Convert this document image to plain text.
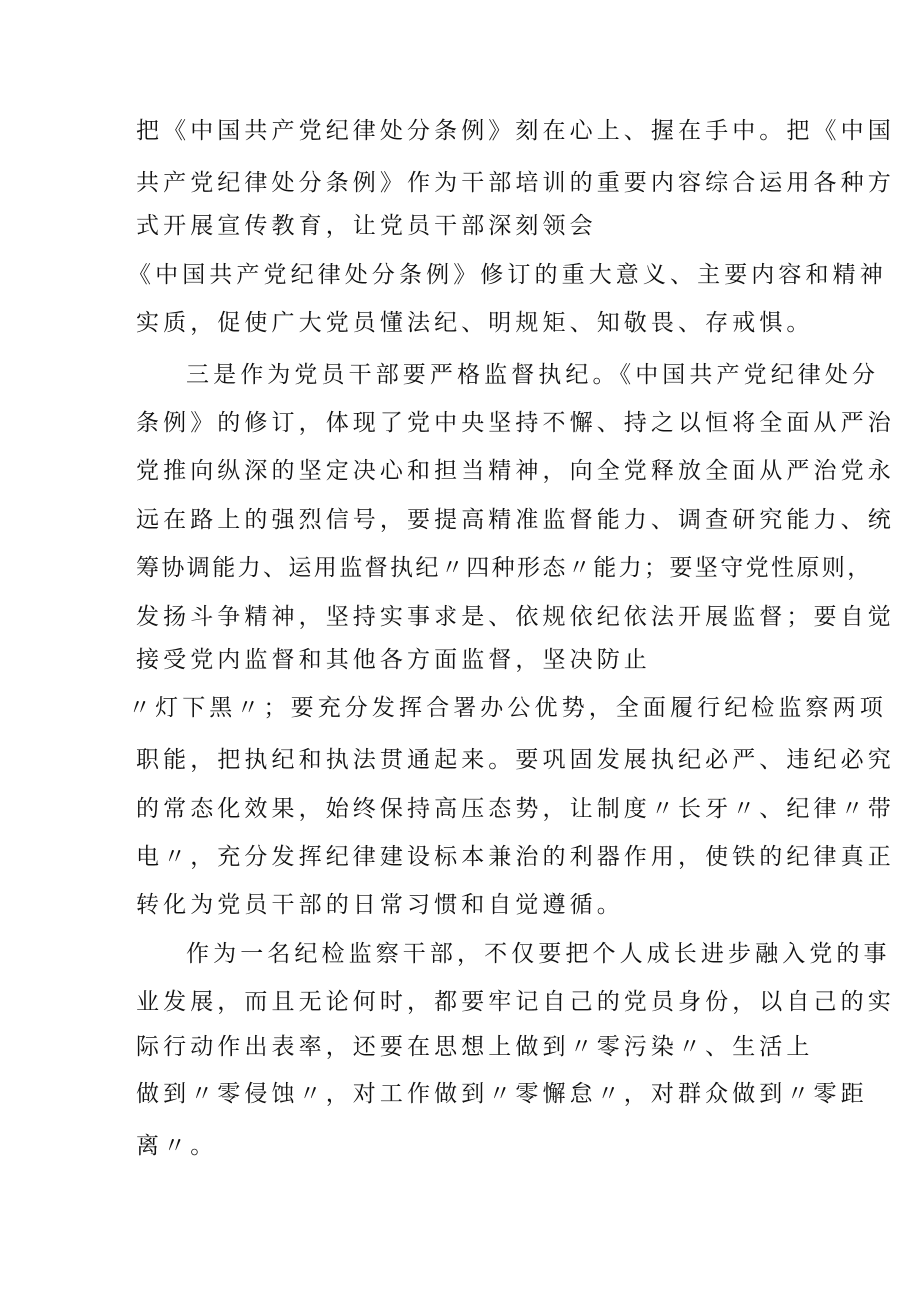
把《中国共产党纪律处分条例》刻在心上、握在手中。把《中国
共产党纪律处分条例》作为干部培训的重要内容综合运用各种方
式开展宣传教育，让党员干部深刻领会
《中国共产党纪律处分条例》修订的重大意义、主要内容和精神
实质，促使广大党员懂法纪、明规矩、知敬畏、存戒惧。
三是作为党员干部要严格监督执纪。《中国共产党纪律处分
条例》的修订，体现了党中央坚持不懈、持之以恒将全面从严治
党推向纵深的坚定决心和担当精神，向全党释放全面从严治党永
远在路上的强烈信号，要提高精准监督能力、调查研究能力、统
筹协调能力、运用监督执纪〃四种形态〃能力；要坚守党性原则，
发扬斗争精神，坚持实事求是、依规依纪依法开展监督；要自觉
接受党内监督和其他各方面监督，坚决防止
〃灯下黑〃；要充分发挥合署办公优势，全面履行纪检监察两项
职能，把执纪和执法贯通起来。要巩固发展执纪必严、违纪必究
的常态化效果，始终保持高压态势，让制度〃长牙〃、纪律〃带
电〃，充分发挥纪律建设标本兼治的利器作用，使铁的纪律真正
转化为党员干部的日常习惯和自觉遵循。
作为一名纪检监察干部，不仅要把个人成长进步融入党的事
业发展，而且无论何时，都要牢记自己的党员身份，以自己的实
际行动作出表率，还要在思想上做到〃零污染〃、生活上
做到〃零侵蚀〃，对工作做到〃零懈怠〃，对群众做到〃零距
离〃。
